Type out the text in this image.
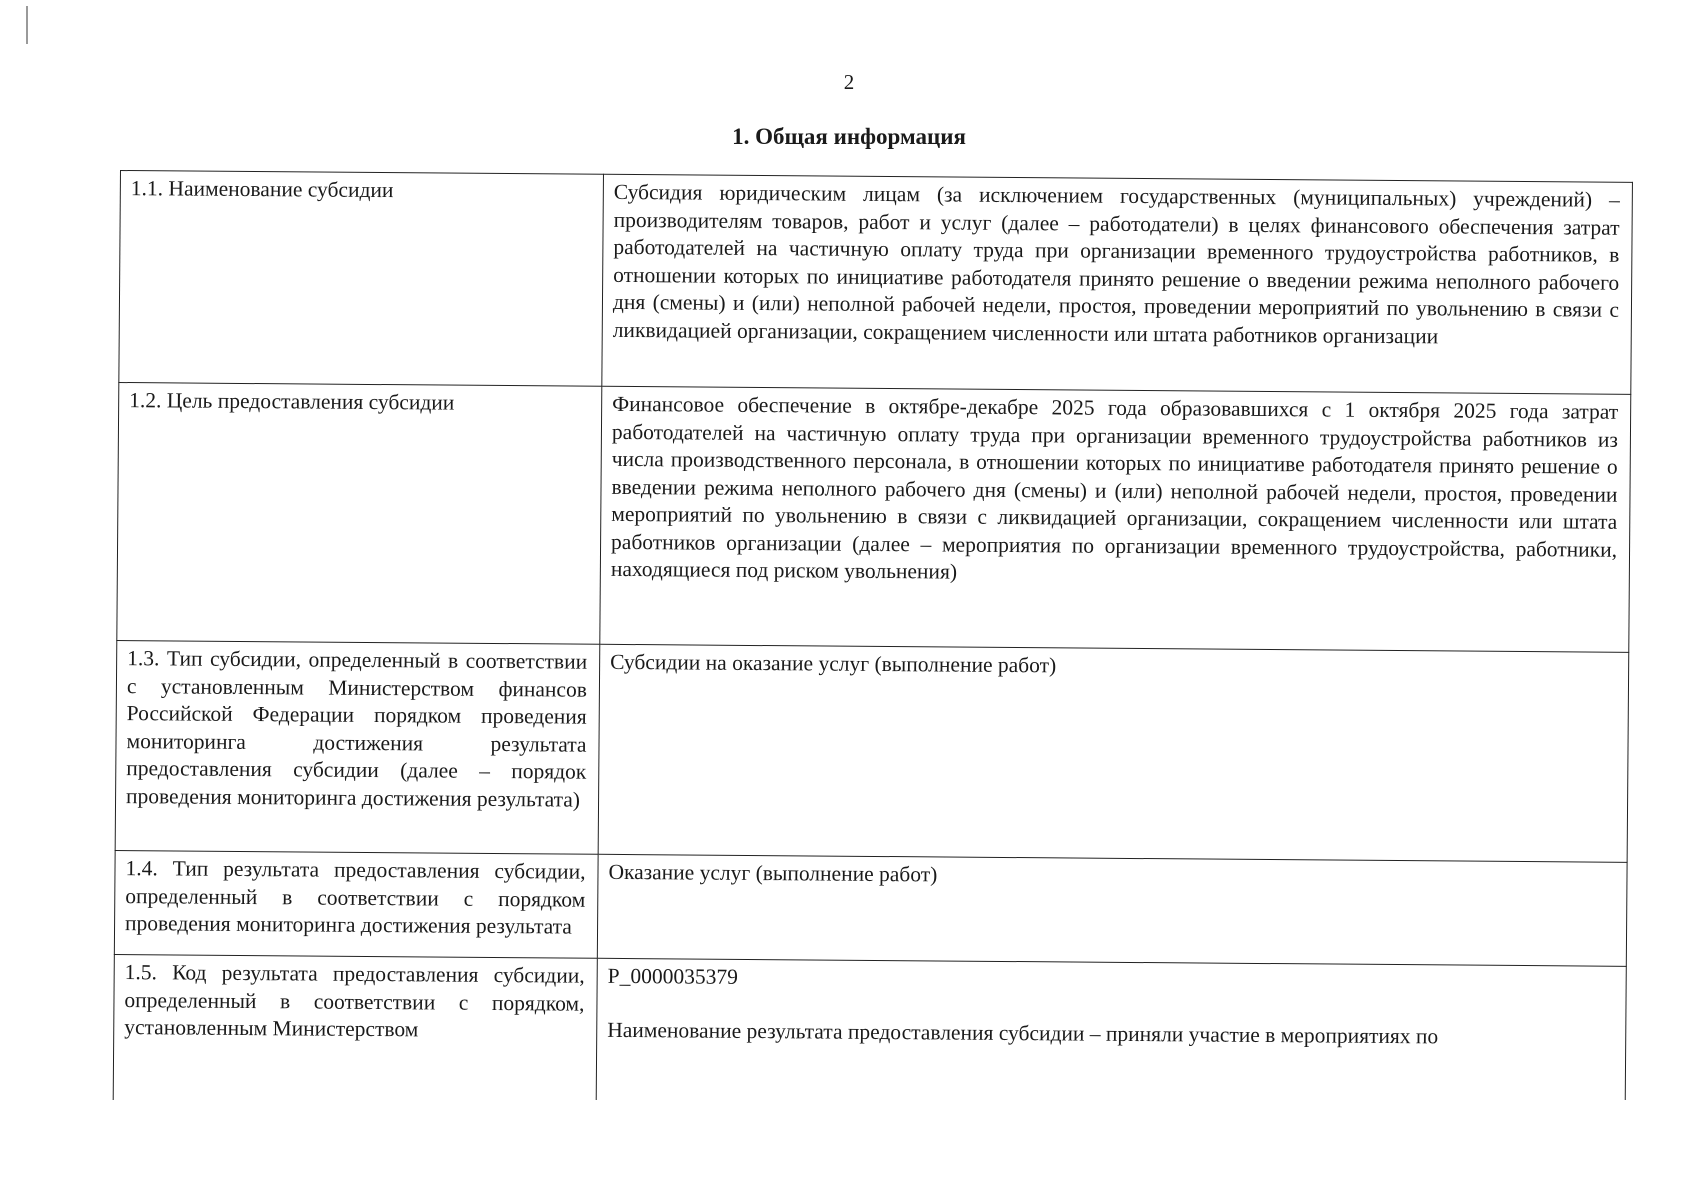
2
1. Общая информация
1.1. Наименование субсидии	Субсидия юридическим лицам (за исключением государственных (муниципальных) учреждений) – производителям товаров, работ и услуг (далее – работодатели) в целях финансового обеспечения затрат работодателей на частичную оплату труда при организации временного трудоустройства работников, в отношении которых по инициативе работодателя принято решение о введении режима неполного рабочего дня (смены) и (или) неполной рабочей недели, простоя, проведении мероприятий по увольнению в связи с ликвидацией организации, сокращением численности или штата работников организации

1.2. Цель предоставления субсидии	Финансовое обеспечение в октябре-декабре 2025 года образовавшихся с 1 октября 2025 года затрат работодателей на частичную оплату труда при организации временного трудоустройства работников из числа производственного персонала, в отношении которых по инициативе работодателя принято решение о введении режима неполного рабочего дня (смены) и (или) неполной рабочей недели, простоя, проведении мероприятий по увольнению в связи с ликвидацией организации, сокращением численности или штата работников организации (далее – мероприятия по организации временного трудоустройства, работники, находящиеся под риском увольнения)

1.3. Тип субсидии, определенный в соответствии с установленным Министерством финансов Российской Федерации порядком проведения мониторинга достижения результата предоставления субсидии (далее – порядок проведения мониторинга достижения результата)	Субсидии на оказание услуг (выполнение работ)

1.4. Тип результата предоставления субсидии, определенный в соответствии с порядком проведения мониторинга достижения результата	Оказание услуг (выполнение работ)

1.5. Код результата предоставления субсидии, определенный в соответствии с порядком, установленным Министерством	P_0000035379
Наименование результата предоставления субсидии – приняли участие в мероприятиях по
